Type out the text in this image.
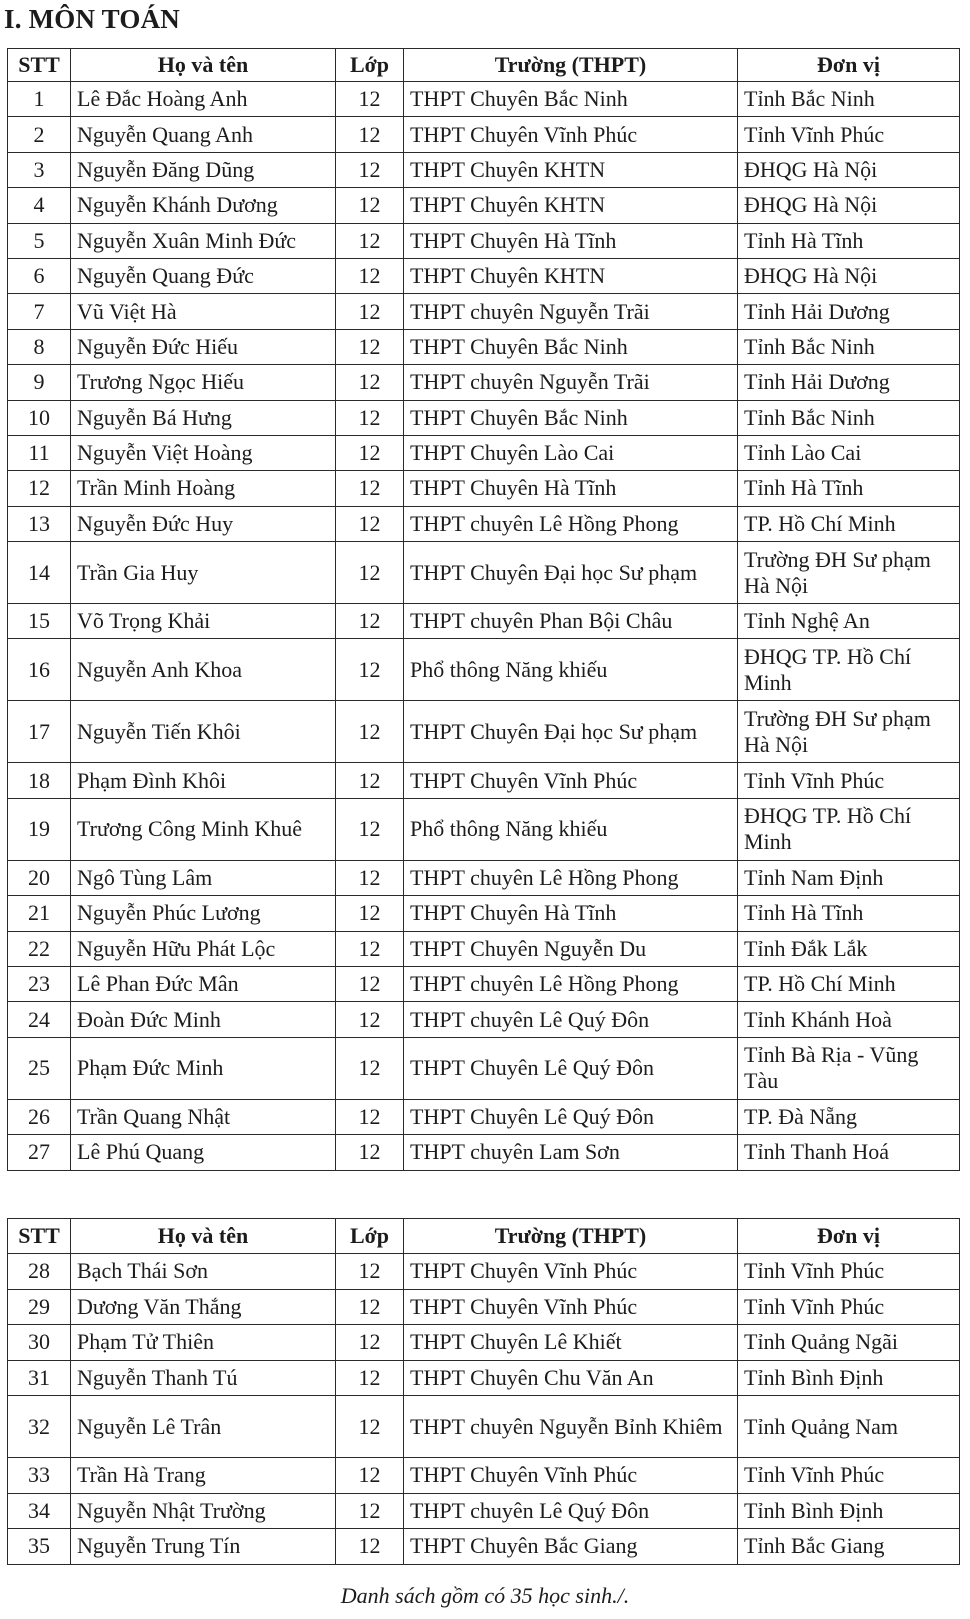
I. MÔN TOÁN
STT	Họ và tên	Lớp	Trường (THPT)	Đơn vị
1	Lê Đắc Hoàng Anh	12	THPT Chuyên Bắc Ninh	Tỉnh Bắc Ninh
2	Nguyễn Quang Anh	12	THPT Chuyên Vĩnh Phúc	Tỉnh Vĩnh Phúc
3	Nguyễn Đăng Dũng	12	THPT Chuyên KHTN	ĐHQG Hà Nội
4	Nguyễn Khánh Dương	12	THPT Chuyên KHTN	ĐHQG Hà Nội
5	Nguyễn Xuân Minh Đức	12	THPT Chuyên Hà Tĩnh	Tỉnh Hà Tĩnh
6	Nguyễn Quang Đức	12	THPT Chuyên KHTN	ĐHQG Hà Nội
7	Vũ Việt Hà	12	THPT chuyên Nguyễn Trãi	Tỉnh Hải Dương
8	Nguyễn Đức Hiếu	12	THPT Chuyên Bắc Ninh	Tỉnh Bắc Ninh
9	Trương Ngọc Hiếu	12	THPT chuyên Nguyễn Trãi	Tỉnh Hải Dương
10	Nguyễn Bá Hưng	12	THPT Chuyên Bắc Ninh	Tỉnh Bắc Ninh
11	Nguyễn Việt Hoàng	12	THPT Chuyên Lào Cai	Tỉnh Lào Cai
12	Trần Minh Hoàng	12	THPT Chuyên Hà Tĩnh	Tỉnh Hà Tĩnh
13	Nguyễn Đức Huy	12	THPT chuyên Lê Hồng Phong	TP. Hồ Chí Minh
14	Trần Gia Huy	12	THPT Chuyên Đại học Sư phạm	Trường ĐH Sư phạm Hà Nội
15	Võ Trọng Khải	12	THPT chuyên Phan Bội Châu	Tỉnh Nghệ An
16	Nguyễn Anh Khoa	12	Phổ thông Năng khiếu	ĐHQG TP. Hồ Chí Minh
17	Nguyễn Tiến Khôi	12	THPT Chuyên Đại học Sư phạm	Trường ĐH Sư phạm Hà Nội
18	Phạm Đình Khôi	12	THPT Chuyên Vĩnh Phúc	Tỉnh Vĩnh Phúc
19	Trương Công Minh Khuê	12	Phổ thông Năng khiếu	ĐHQG TP. Hồ Chí Minh
20	Ngô Tùng Lâm	12	THPT chuyên Lê Hồng Phong	Tỉnh Nam Định
21	Nguyễn Phúc Lương	12	THPT Chuyên Hà Tĩnh	Tỉnh Hà Tĩnh
22	Nguyễn Hữu Phát Lộc	12	THPT Chuyên Nguyễn Du	Tỉnh Đắk Lắk
23	Lê Phan Đức Mân	12	THPT chuyên Lê Hồng Phong	TP. Hồ Chí Minh
24	Đoàn Đức Minh	12	THPT chuyên Lê Quý Đôn	Tỉnh Khánh Hoà
25	Phạm Đức Minh	12	THPT Chuyên Lê Quý Đôn	Tỉnh Bà Rịa - Vũng Tàu
26	Trần Quang Nhật	12	THPT Chuyên Lê Quý Đôn	TP. Đà Nẵng
27	Lê Phú Quang	12	THPT chuyên Lam Sơn	Tỉnh Thanh Hoá
STT	Họ và tên	Lớp	Trường (THPT)	Đơn vị
28	Bạch Thái Sơn	12	THPT Chuyên Vĩnh Phúc	Tỉnh Vĩnh Phúc
29	Dương Văn Thắng	12	THPT Chuyên Vĩnh Phúc	Tỉnh Vĩnh Phúc
30	Phạm Tử Thiên	12	THPT Chuyên Lê Khiết	Tỉnh Quảng Ngãi
31	Nguyễn Thanh Tú	12	THPT Chuyên Chu Văn An	Tỉnh Bình Định
32	Nguyễn Lê Trân	12	THPT chuyên Nguyễn Bỉnh Khiêm	Tỉnh Quảng Nam
33	Trần Hà Trang	12	THPT Chuyên Vĩnh Phúc	Tỉnh Vĩnh Phúc
34	Nguyễn Nhật Trường	12	THPT chuyên Lê Quý Đôn	Tỉnh Bình Định
35	Nguyễn Trung Tín	12	THPT Chuyên Bắc Giang	Tỉnh Bắc Giang
Danh sách gồm có 35 học sinh./.
